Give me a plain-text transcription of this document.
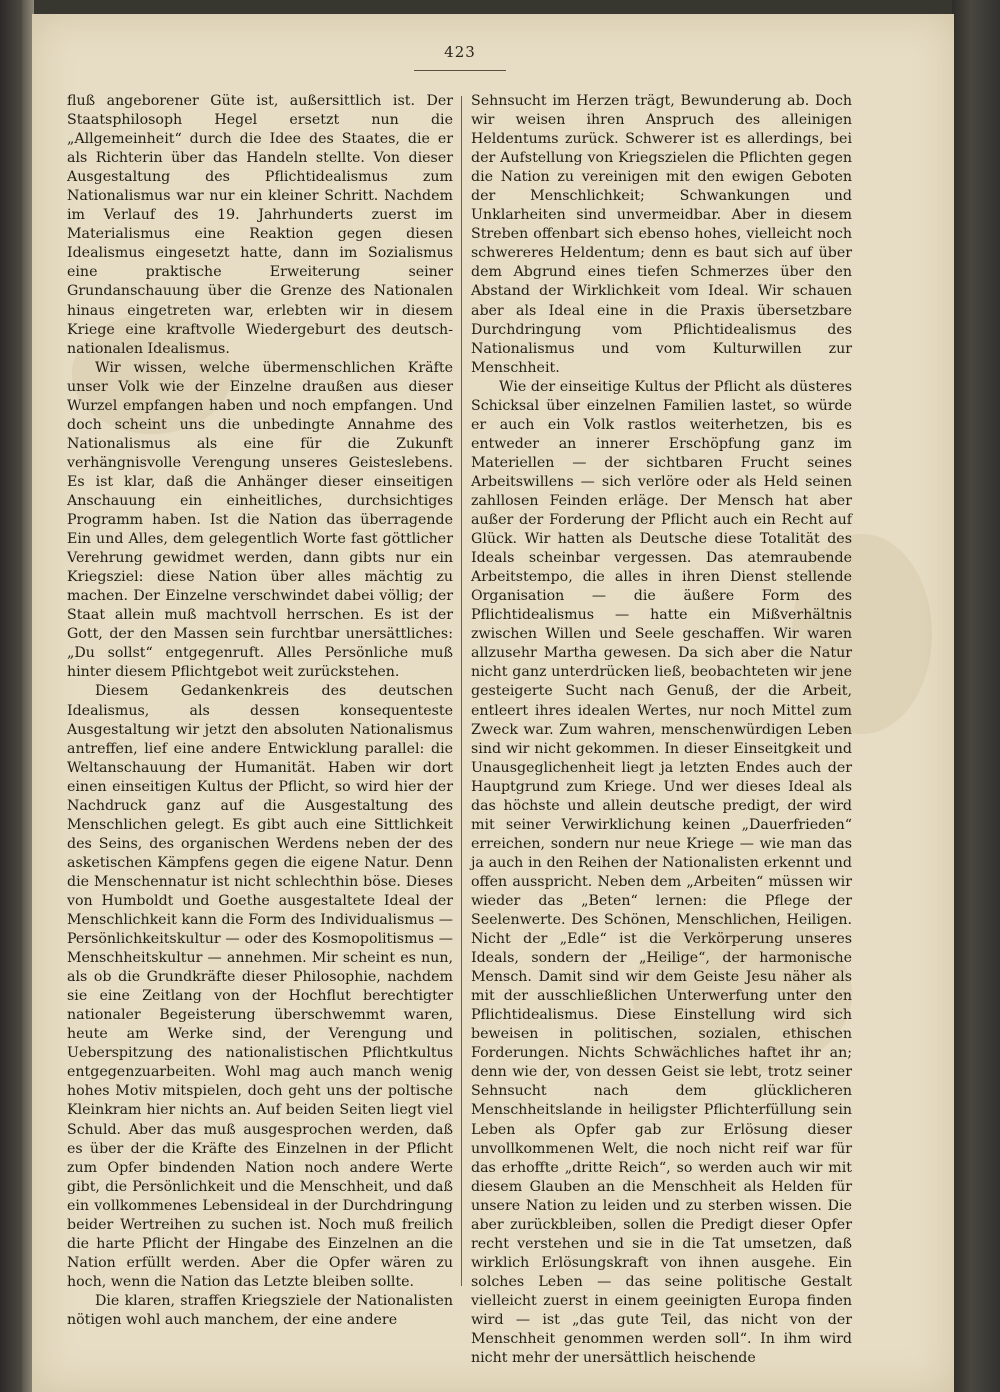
423

fluß angeborener Güte ist, außersittlich ist. Der Staatsphilosoph Hegel ersetzt nun die „Allgemeinheit“ durch die Idee des Staates, die er als Richterin über das Handeln stellte. Von dieser Ausgestaltung des Pflichtidealismus zum Nationalismus war nur ein kleiner Schritt. Nachdem im Verlauf des 19. Jahrhunderts zuerst im Materialismus eine Reaktion gegen diesen Idealismus eingesetzt hatte, dann im Sozialismus eine praktische Erweiterung seiner Grundanschauung über die Grenze des Nationalen hinaus eingetreten war, erlebten wir in diesem Kriege eine kraftvolle Wiedergeburt des deutsch-nationalen Idealismus.

Wir wissen, welche übermenschlichen Kräfte unser Volk wie der Einzelne draußen aus dieser Wurzel empfangen haben und noch empfangen. Und doch scheint uns die unbedingte Annahme des Nationalismus als eine für die Zukunft verhängnisvolle Verengung unseres Geisteslebens. Es ist klar, daß die Anhänger dieser einseitigen Anschauung ein einheitliches, durchsichtiges Programm haben. Ist die Nation das überragende Ein und Alles, dem gelegentlich Worte fast göttlicher Verehrung gewidmet werden, dann gibts nur ein Kriegsziel: diese Nation über alles mächtig zu machen. Der Einzelne verschwindet dabei völlig; der Staat allein muß machtvoll herrschen. Es ist der Gott, der den Massen sein furchtbar unersättliches: „Du sollst“ entgegenruft. Alles Persönliche muß hinter diesem Pflichtgebot weit zurückstehen.

Diesem Gedankenkreis des deutschen Idealismus, als dessen konsequenteste Ausgestaltung wir jetzt den absoluten Nationalismus antreffen, lief eine andere Entwicklung parallel: die Weltanschauung der Humanität. Haben wir dort einen einseitigen Kultus der Pflicht, so wird hier der Nachdruck ganz auf die Ausgestaltung des Menschlichen gelegt. Es gibt auch eine Sittlichkeit des Seins, des organischen Werdens neben der des asketischen Kämpfens gegen die eigene Natur. Denn die Menschennatur ist nicht schlechthin böse. Dieses von Humboldt und Goethe ausgestaltete Ideal der Menschlichkeit kann die Form des Individualismus — Persönlichkeitskultur — oder des Kosmopolitismus — Menschheitskultur — annehmen. Mir scheint es nun, als ob die Grundkräfte dieser Philosophie, nachdem sie eine Zeitlang von der Hochflut berechtigter nationaler Begeisterung überschwemmt waren, heute am Werke sind, der Verengung und Ueberspitzung des nationalistischen Pflichtkultus entgegenzuarbeiten. Wohl mag auch manch wenig hohes Motiv mitspielen, doch geht uns der poltische Kleinkram hier nichts an. Auf beiden Seiten liegt viel Schuld. Aber das muß ausgesprochen werden, daß es über der die Kräfte des Einzelnen in der Pflicht zum Opfer bindenden Nation noch andere Werte gibt, die Persönlichkeit und die Menschheit, und daß ein vollkommenes Lebensideal in der Durchdringung beider Wertreihen zu suchen ist. Noch muß freilich die harte Pflicht der Hingabe des Einzelnen an die Nation erfüllt werden. Aber die Opfer wären zu hoch, wenn die Nation das Letzte bleiben sollte.

Die klaren, straffen Kriegsziele der Nationalisten nötigen wohl auch manchem, der eine andere

Sehnsucht im Herzen trägt, Bewunderung ab. Doch wir weisen ihren Anspruch des alleinigen Heldentums zurück. Schwerer ist es allerdings, bei der Aufstellung von Kriegszielen die Pflichten gegen die Nation zu vereinigen mit den ewigen Geboten der Menschlichkeit; Schwankungen und Unklarheiten sind unvermeidbar. Aber in diesem Streben offenbart sich ebenso hohes, vielleicht noch schwereres Heldentum; denn es baut sich auf über dem Abgrund eines tiefen Schmerzes über den Abstand der Wirklichkeit vom Ideal. Wir schauen aber als Ideal eine in die Praxis übersetzbare Durchdringung vom Pflichtidealismus des Nationalismus und vom Kulturwillen zur Menschheit.

Wie der einseitige Kultus der Pflicht als düsteres Schicksal über einzelnen Familien lastet, so würde er auch ein Volk rastlos weiterhetzen, bis es entweder an innerer Erschöpfung ganz im Materiellen — der sichtbaren Frucht seines Arbeitswillens — sich verlöre oder als Held seinen zahllosen Feinden erläge. Der Mensch hat aber außer der Forderung der Pflicht auch ein Recht auf Glück. Wir hatten als Deutsche diese Totalität des Ideals scheinbar vergessen. Das atemraubende Arbeitstempo, die alles in ihren Dienst stellende Organisation — die äußere Form des Pflichtidealismus — hatte ein Mißverhältnis zwischen Willen und Seele geschaffen. Wir waren allzusehr Martha gewesen. Da sich aber die Natur nicht ganz unterdrücken ließ, beobachteten wir jene gesteigerte Sucht nach Genuß, der die Arbeit, entleert ihres idealen Wertes, nur noch Mittel zum Zweck war. Zum wahren, menschenwürdigen Leben sind wir nicht gekommen. In dieser Einseitgkeit und Unausgeglichenheit liegt ja letzten Endes auch der Hauptgrund zum Kriege. Und wer dieses Ideal als das höchste und allein deutsche predigt, der wird mit seiner Verwirklichung keinen „Dauerfrieden“ erreichen, sondern nur neue Kriege — wie man das ja auch in den Reihen der Nationalisten erkennt und offen ausspricht. Neben dem „Arbeiten“ müssen wir wieder das „Beten“ lernen: die Pflege der Seelenwerte. Des Schönen, Menschlichen, Heiligen. Nicht der „Edle“ ist die Verkörperung unseres Ideals, sondern der „Heilige“, der harmonische Mensch. Damit sind wir dem Geiste Jesu näher als mit der ausschließlichen Unterwerfung unter den Pflichtidealismus. Diese Einstellung wird sich beweisen in politischen, sozialen, ethischen Forderungen. Nichts Schwächliches haftet ihr an; denn wie der, von dessen Geist sie lebt, trotz seiner Sehnsucht nach dem glücklicheren Menschheitslande in heiligster Pflichterfüllung sein Leben als Opfer gab zur Erlösung dieser unvollkommenen Welt, die noch nicht reif war für das erhoffte „dritte Reich“, so werden auch wir mit diesem Glauben an die Menschheit als Helden für unsere Nation zu leiden und zu sterben wissen. Die aber zurückbleiben, sollen die Predigt dieser Opfer recht verstehen und sie in die Tat umsetzen, daß wirklich Erlösungskraft von ihnen ausgehe. Ein solches Leben — das seine politische Gestalt vielleicht zuerst in einem geeinigten Europa finden wird — ist „das gute Teil, das nicht von der Menschheit genommen werden soll“. In ihm wird nicht mehr der unersättlich heischende
